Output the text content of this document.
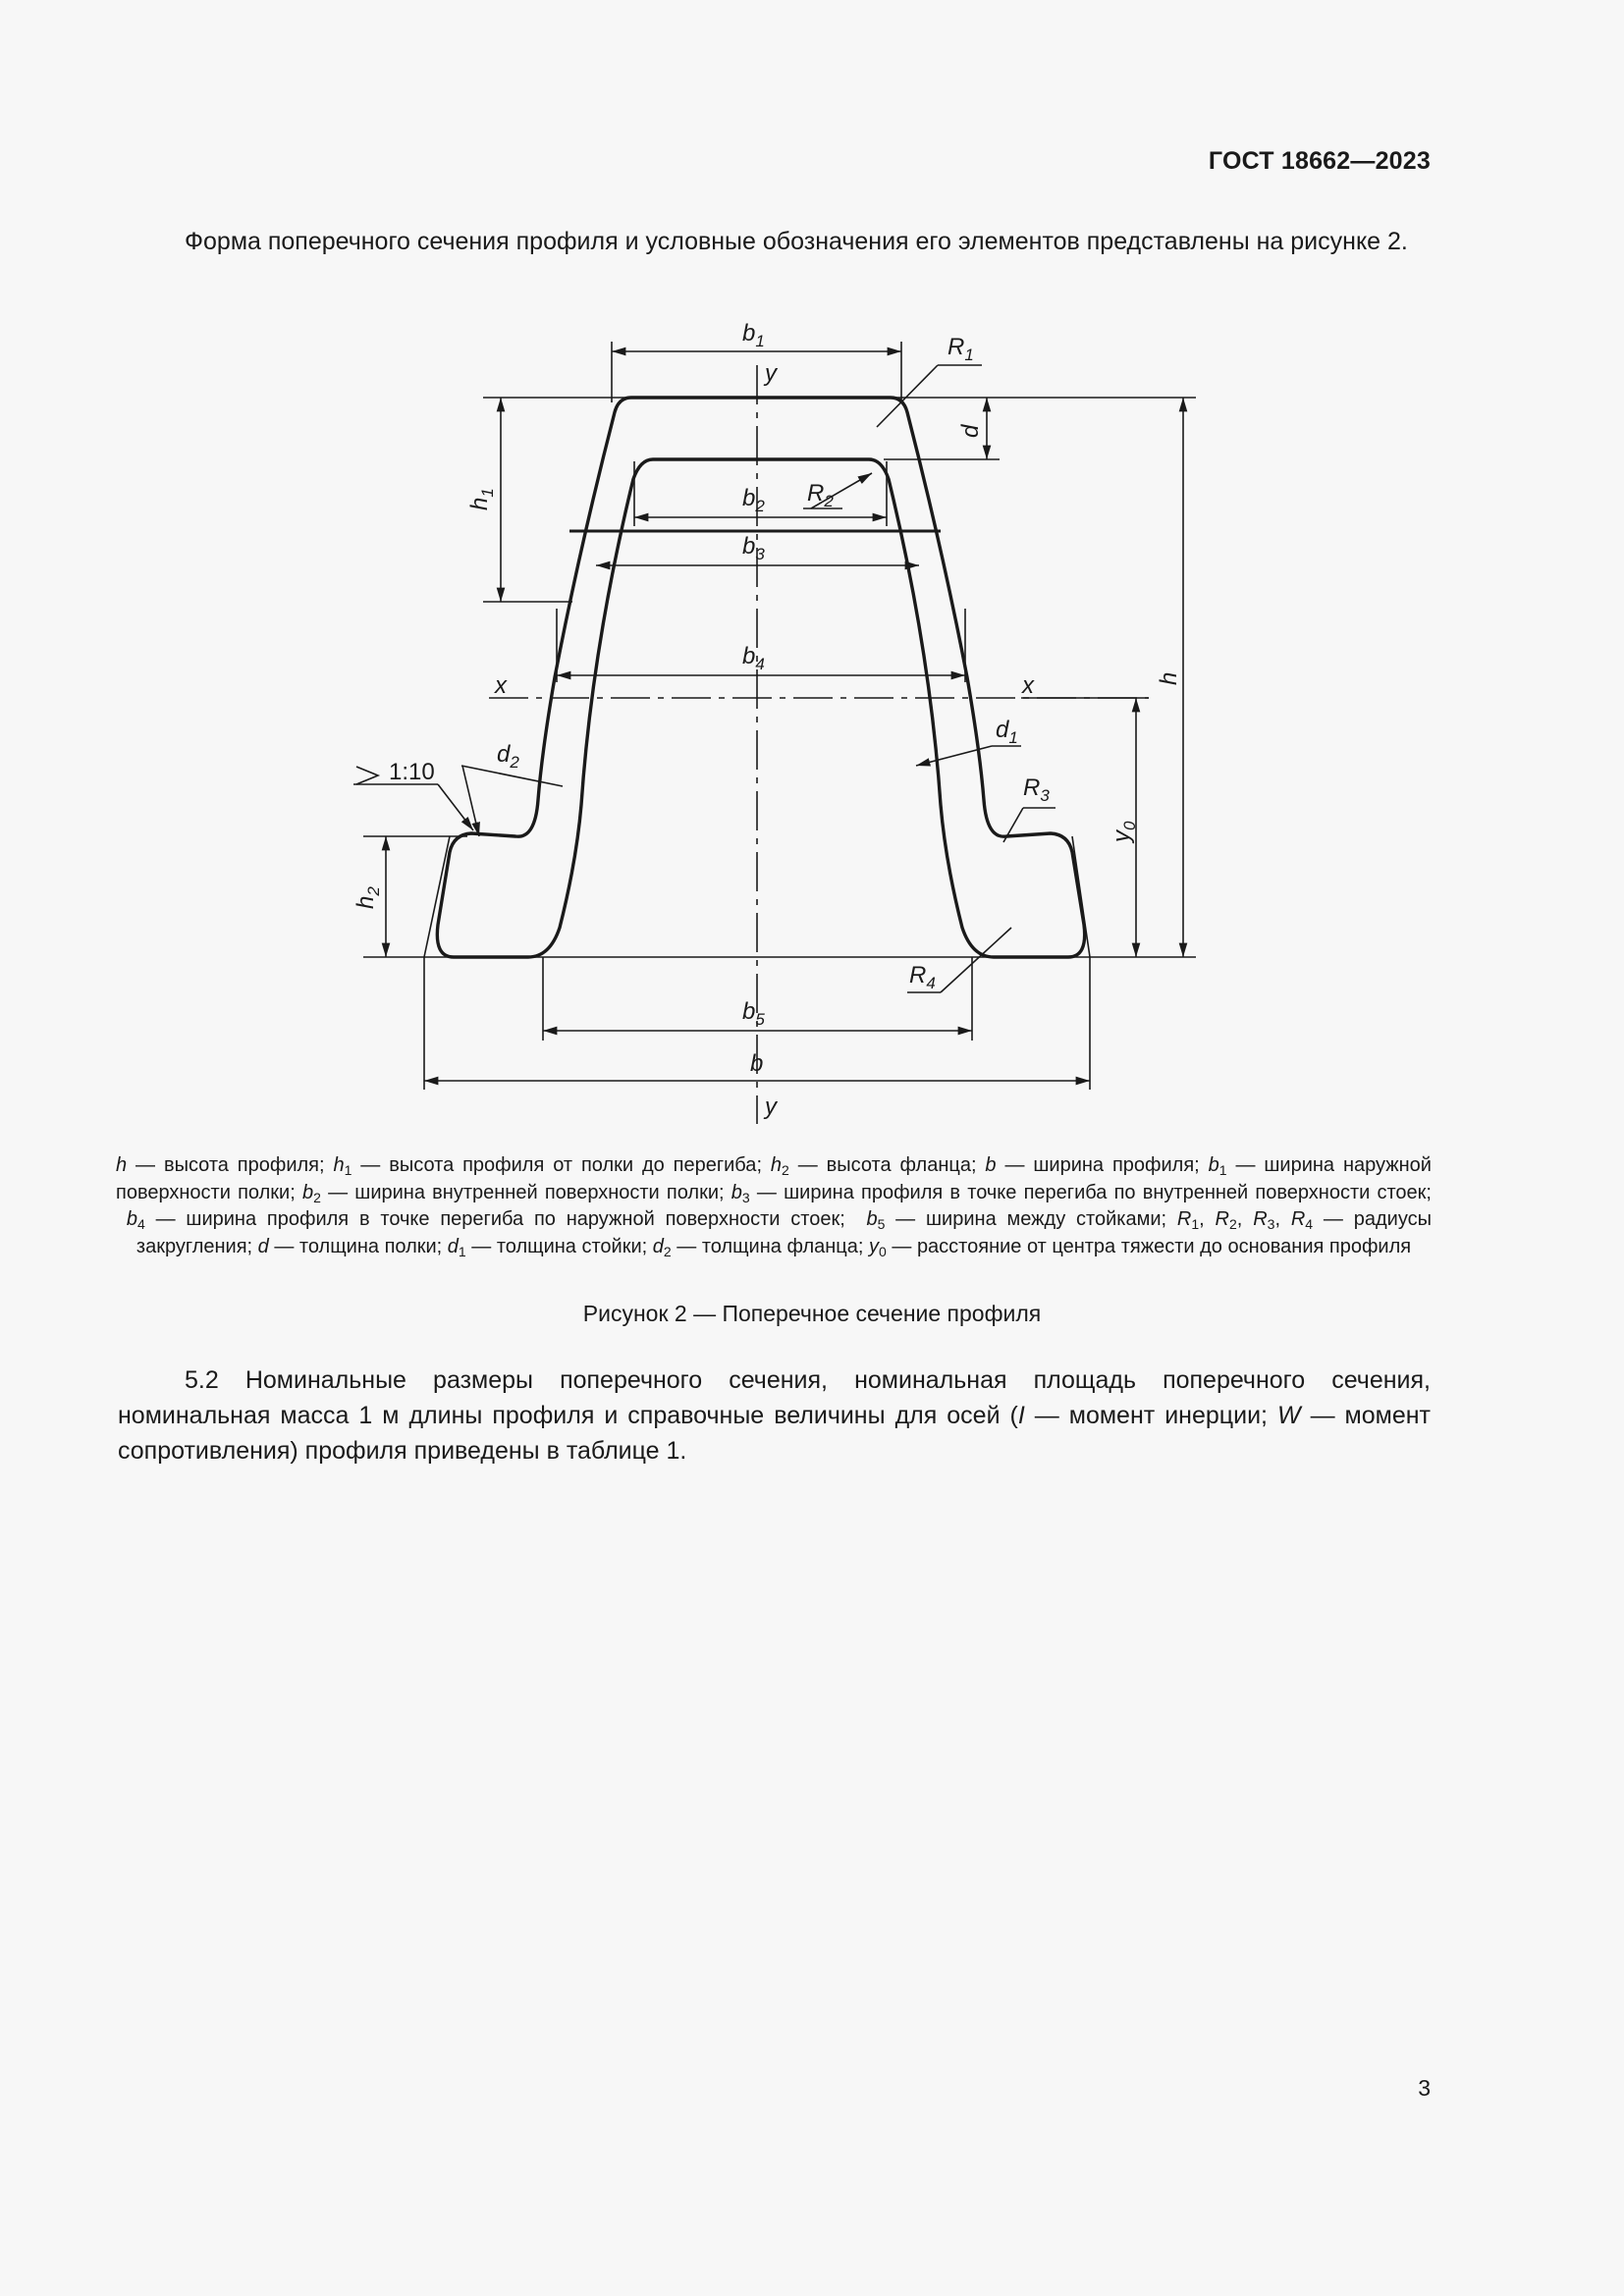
ГОСТ 18662—2023

Форма поперечного сечения профиля и условные обозначения его элементов представлены на рисунке 2.

$b_1$
y
$R_1$
d
$h_1$	$b_2$ $R_2$
$b_3$
$b_4$
x	x	h
$d_1$
$R_3$
$y_0$
$d_2$
1:10
$h_2$
$R_4$
$b_5$
b
y

h — высота профиля; $h_1$ — высота профиля от полки до перегиба; $h_2$ — высота фланца; b — ширина профиля; $b_1$ — ширина наружной поверхности полки; $b_2$ — ширина внутренней поверхности полки; $b_3$ — ширина профиля в точке перегиба по внутренней поверхности стоек;  $b_4$ — ширина профиля в точке перегиба по наружной поверхности стоек;  $b_5$ — ширина между стойками; $R_1$, $R_2$, $R_3$, $R_4$ — радиусы закругления; d — толщина полки; $d_1$ — толщина стойки; $d_2$ — толщина фланца; $y_0$ — расстояние от центра тяжести до основания профиля

Рисунок 2 — Поперечное сечение профиля

5.2 Номинальные размеры поперечного сечения, номинальная площадь поперечного сечения, номинальная масса 1 м длины профиля и справочные величины для осей (I — момент инерции; W — момент сопротивления) профиля приведены в таблице 1.

3
